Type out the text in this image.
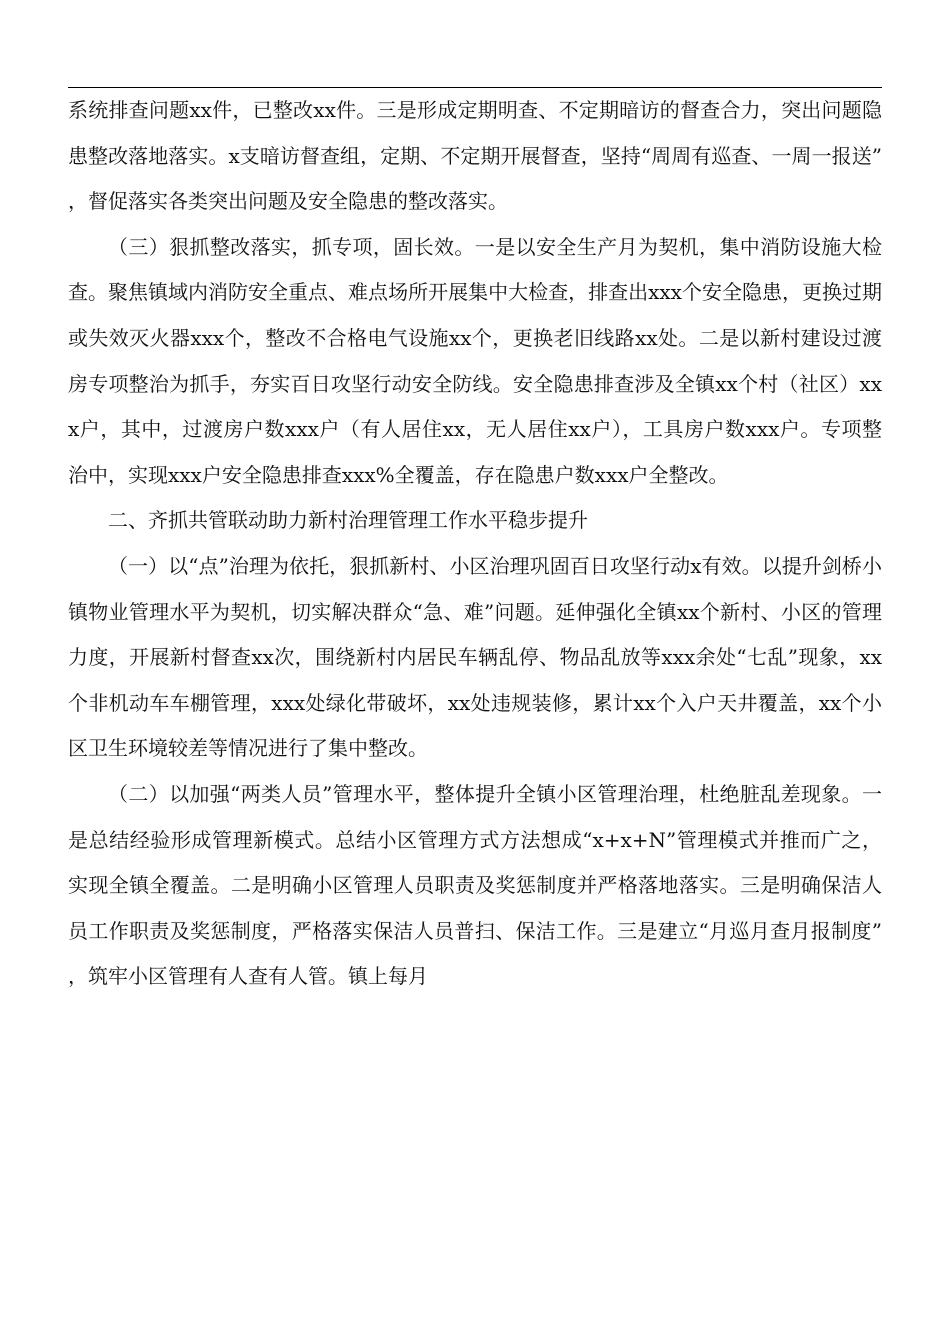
系统排查问题xx件，已整改xx件。三是形成定期明查、不定期暗访的督查合力，突出问题隐患整改落地落实。x支暗访督查组，定期、不定期开展督查，坚持“周周有巡查、一周一报送”，督促落实各类突出问题及安全隐患的整改落实。

（三）狠抓整改落实，抓专项，固长效。一是以安全生产月为契机，集中消防设施大检查。聚焦镇域内消防安全重点、难点场所开展集中大检查，排查出xxx个安全隐患，更换过期或失效灭火器xxx个，整改不合格电气设施xx个，更换老旧线路xx处。二是以新村建设过渡房专项整治为抓手，夯实百日攻坚行动安全防线。安全隐患排查涉及全镇xx个村（社区）xxx户，其中，过渡房户数xxx户（有人居住xx，无人居住xx户），工具房户数xxx户。专项整治中，实现xxx户安全隐患排查xxx%全覆盖，存在隐患户数xxx户全整改。

二、齐抓共管联动助力新村治理管理工作水平稳步提升

（一）以“点”治理为依托，狠抓新村、小区治理巩固百日攻坚行动x有效。以提升剑桥小镇物业管理水平为契机，切实解决群众“急、难”问题。延伸强化全镇xx个新村、小区的管理力度，开展新村督查xx次，围绕新村内居民车辆乱停、物品乱放等xxx余处“七乱”现象，xx个非机动车车棚管理，xxx处绿化带破坏，xx处违规装修，累计xx个入户天井覆盖，xx个小区卫生环境较差等情况进行了集中整改。

（二）以加强“两类人员”管理水平，整体提升全镇小区管理治理，杜绝脏乱差现象。一是总结经验形成管理新模式。总结小区管理方式方法想成“x+x+N”管理模式并推而广之，实现全镇全覆盖。二是明确小区管理人员职责及奖惩制度并严格落地落实。三是明确保洁人员工作职责及奖惩制度，严格落实保洁人员普扫、保洁工作。三是建立“月巡月查月报制度”，筑牢小区管理有人查有人管。镇上每月
